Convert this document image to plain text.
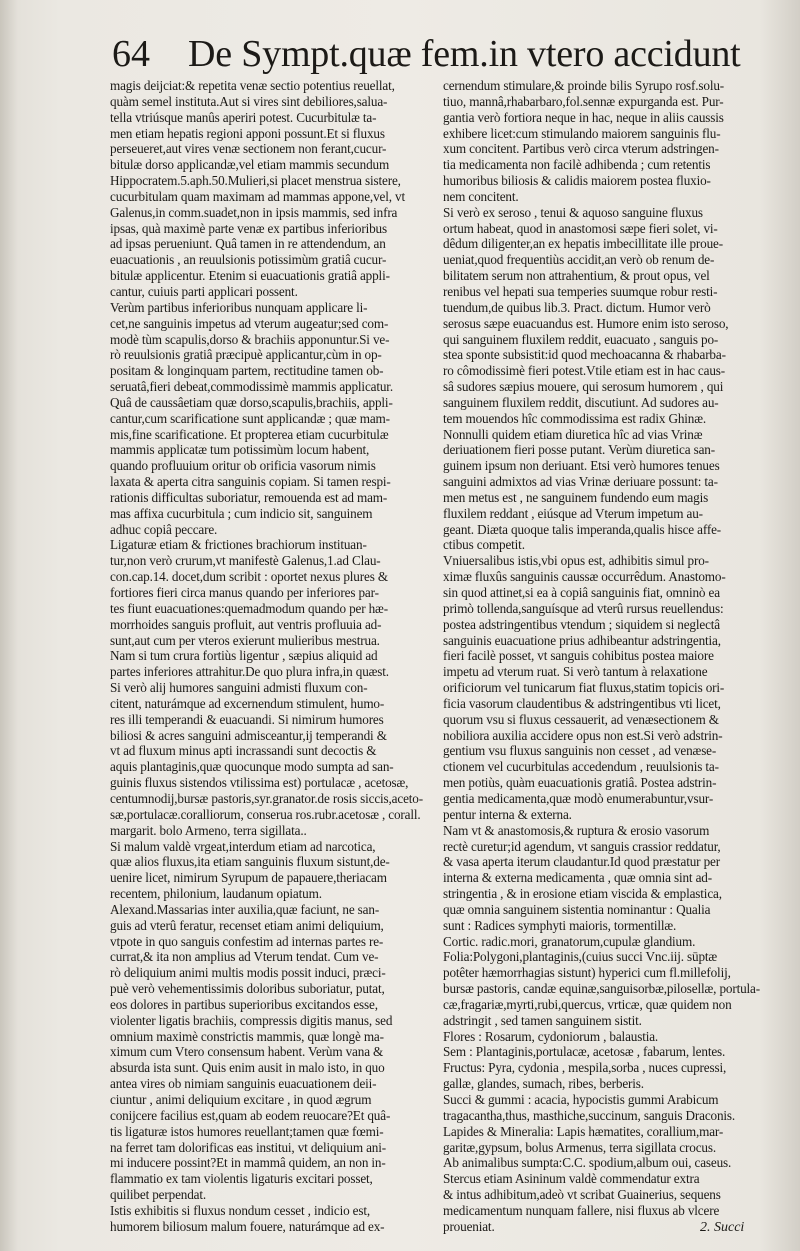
64 De Sympt.quæ fem.in vtero accidunt
magis deijciat:& repetita venæ sectio potentius reuellat,
quàm semel instituta.Aut si vires sint debiliores,saluа-
tella vtriúsque manûs aperiri potest. Cucurbitulæ ta-
men etiam hepatis regioni apponi possunt.Et si fluxus
perseueret,aut vires venæ sectionem non ferant,cucur-
bitulæ dorso applicandæ,vel etiam mammis secundum
Hippocratem.5.aph.50.Mulieri,si placet menstrua sistere,
cucurbitulam quam maximam ad mammas appone,vel, vt
Galenus,in comm.suadet,non in ipsis mammis, sed infra
ipsas, quà maximè parte venæ ex partibus inferioribus
ad ipsas perueniunt. Quâ tamen in re attendendum, an
euacuationis , an reuulsionis potissimùm gratiâ cucur-
bitulæ applicentur. Etenim si euacuationis gratiâ appli-
cantur, cuiuis parti applicari possent.
Verùm partibus inferioribus nunquam applicare li-
cet,ne sanguinis impetus ad vterum augeatur;sed com-
modè tùm scapulis,dorso & brachiis apponuntur.Si ve-
rò reuulsionis gratiâ præcipuè applicantur,cùm in op-
positam & longinquam partem, rectitudine tamen ob-
seruatâ,fieri debeat,commodissimè mammis applicatur.
Quâ de caussâetiam quæ dorso,scapulis,brachiis, appli-
cantur,cum scarificatione sunt applicandæ ; quæ mam-
mis,fine scarificatione. Et propterea etiam cucurbitulæ
mammis applicatæ tum potissimùm locum habent,
quando profluuium oritur ob orificia vasorum nimis
laxata & aperta citra sanguinis copiam. Si tamen respi-
rationis difficultas suboriatur, remouenda est ad mam-
mas affixa cucurbitula ; cum indicio sit, sanguinem
adhuc copiâ peccare.
Ligaturæ etiam & frictiones brachiorum instituan-
tur,non verò crurum,vt manifestè Galenus,1.ad Clau-
con.cap.14. docet,dum scribit : oportet nexus plures &
fortiores fieri circa manus quando per inferiores par-
tes fiunt euacuationes:quemadmodum quando per hæ-
morrhoides sanguis profluit, aut ventris profluuia ad-
sunt,aut cum per vteros exierunt mulieribus mestrua.
Nam si tum crura fortiùs ligentur , sæpius aliquid ad
partes inferiores attrahitur.De quo plura infra,in quæst.
Si verò alij humores sanguini admisti fluxum con-
citent, naturámque ad excernendum stimulent, humo-
res illi temperandi & euacuandi. Si nimirum humores
biliosi & acres sanguini admisceantur,ij temperandi &
vt ad fluxum minus apti incrassandi sunt decoctis &
aquis plantaginis,quæ quocunque modo sumpta ad san-
guinis fluxus sistendos vtilissima est) portulacæ , acetosæ,
centumnodij,bursæ pastoris,syr.granator.de rosis siccis,aceto-
sæ,portulacæ.coralliorum, conserua ros.rubr.acetosæ , corall.
margarit. bolo Armeno, terra sigillata..
Si malum valdè vrgeat,interdum etiam ad narcotica,
quæ alios fluxus,ita etiam sanguinis fluxum sistunt,de-
uenire licet, nimirum Syrupum de papauere,theriacam
recentem, philonium, laudanum opiatum.
Alexand.Massarias inter auxilia,quæ faciunt, ne san-
guis ad vterû feratur, recenset etiam animi deliquium,
vtpote in quo sanguis confestim ad internas partes re-
currat,& ita non amplius ad Vterum tendat. Cum ve-
rò deliquium animi multis modis possit induci, præci-
puè verò vehementissimis doloribus suboriatur, putat,
eos dolores in partibus superioribus excitandos esse,
violenter ligatis brachiis, compressis digitis manus, sed
omnium maximè constrictis mammis, quæ longè ma-
ximum cum Vtero consensum habent. Verùm vana &
absurda ista sunt. Quis enim ausit in malo isto, in quo
antea vires ob nimiam sanguinis euacuationem deii-
ciuntur , animi deliquium excitare , in quod ægrum
conijcere facilius est,quam ab eodem reuocare?Et quâ-
tis ligaturæ istos humores reuellant;tamen quæ fœmi-
na ferret tam dolorificas eas institui, vt deliquium ani-
mi inducere possint?Et in mammâ quidem, an non in-
flammatio ex tam violentis ligaturis excitari posset,
quilibet perpendat.
Istis exhibitis si fluxus nondum cesset , indicio est,
humorem biliosum malum fouere, naturámque ad ex-
cernendum stimulare,& proinde bilis Syrupo rosf.solu-
tiuo, mannâ,rhabarbaro,fol.sennæ expurganda est. Pur-
gantia verò fortiora neque in hac, neque in aliis caussis
exhibere licet:cum stimulando maiorem sanguinis flu-
xum concitent. Partibus verò circa vterum adstringen-
tia medicamenta non facilè adhibenda ; cum retentis
humoribus biliosis & calidis maiorem postea fluxio-
nem concitent.
Si verò ex seroso , tenui & aquoso sanguine fluxus
ortum habeat, quod in anastomosi sæpe fieri solet, vi-
dêdum diligenter,an ex hepatis imbecillitate ille proue-
ueniat,quod frequentiùs accidit,an verò ob renum de-
bilitatem serum non attrahentium, & prout opus, vel
renibus vel hepati sua temperies suumque robur resti-
tuendum,de quibus lib.3. Pract. dictum. Humor verò
serosus sæpe euacuandus est. Humore enim isto seroso,
qui sanguinem fluxilem reddit, euacuato , sanguis po-
stea sponte subsistit:id quod mechoacanna & rhabarba-
ro cômodissimè fieri potest.Vtile etiam est in hac caus-
sâ sudores sæpius mouere, qui serosum humorem , qui
sanguinem fluxilem reddit, discutiunt. Ad sudores au-
tem mouendos hîc commodissima est radix Ghinæ.
Nonnulli quidem etiam diuretica hîc ad vias Vrinæ
deriuationem fieri posse putant. Verùm diuretica san-
guinem ipsum non deriuant. Etsi verò humores tenues
sanguini admixtos ad vias Vrinæ deriuare possunt: ta-
men metus est , ne sanguinem fundendo eum magis
fluxilem reddant , eiúsque ad Vterum impetum au-
geant. Diæta quoque talis imperanda,qualis hisce affe-
ctibus competit.
Vniuersalibus istis,vbi opus est, adhibitis simul pro-
ximæ fluxûs sanguinis caussæ occurrêdum. Anastomo-
sin quod attinet,si ea à copiâ sanguinis fiat, omninò ea
primò tollenda,sanguísque ad vterû rursus reuellendus:
postea adstringentibus vtendum ; siquidem si neglectâ
sanguinis euacuatione prius adhibeantur adstringentia,
fieri facilè posset, vt sanguis cohibitus postea maiore
impetu ad vterum ruat. Si verò tantum à relaxatione
orificiorum vel tunicarum fiat fluxus,statim topicis ori-
ficia vasorum claudentibus & adstringentibus vti licet,
quorum vsu si fluxus cessauerit, ad venæsectionem &
nobiliora auxilia accidere opus non est.Si verò adstrin-
gentium vsu fluxus sanguinis non cesset , ad venæse-
ctionem vel cucurbitulas accedendum , reuulsionis ta-
men potiùs, quàm euacuationis gratiâ. Postea adstrin-
gentia medicamenta,quæ modò enumerabuntur,vsur-
pentur interna & externa.
Nam vt & anastomosis,& ruptura & erosio vasorum
rectè curetur;id agendum, vt sanguis crassior reddatur,
& vasa aperta iterum claudantur.Id quod præstatur per
interna & externa medicamenta , quæ omnia sint ad-
stringentia , & in erosione etiam viscida & emplastica,
quæ omnia sanguinem sistentia nominantur : Qualia
sunt : Radices symphyti maioris, tormentillæ.
Cortic. radic.mori, granatorum,cupulæ glandium.
Folia:Polygoni,plantaginis,(cuius succi Vnc.iij. sūptæ
potêter hæmorrhagias sistunt) hyperici cum fl.millefolij,
bursæ pastoris, candæ equinæ,sanguisorbæ,pilosellæ, portula-
cæ,fragariæ,myrti,rubi,quercus, vrticæ, quæ quidem non
adstringit , sed tamen sanguinem sistit.
Flores : Rosarum, cydoniorum , balaustia.
Sem : Plantaginis,portulacæ, acetosæ , fabarum, lentes.
Fructus: Pyra, cydonia , mespila,sorba , nuces cupressi,
gallæ, glandes, sumach, ribes, berberis.
Succi & gummi : acacia, hypocistis gummi Arabicum
tragacantha,thus, masthiche,succinum, sanguis Draconis.
Lapides & Mineralia: Lapis hæmatites, corallium,mar-
garitæ,gypsum, bolus Armenus, terra sigillata crocus.
Ab animalibus sumpta:C.C. spodium,album oui, caseus.
Stercus etiam Asininum valdè commendatur extra
& intus adhibitum,adeò vt scribat Guainerius, sequens
medicamentum nunquam fallere, nisi fluxus ab vlcere
proueniat.	2. Succi
